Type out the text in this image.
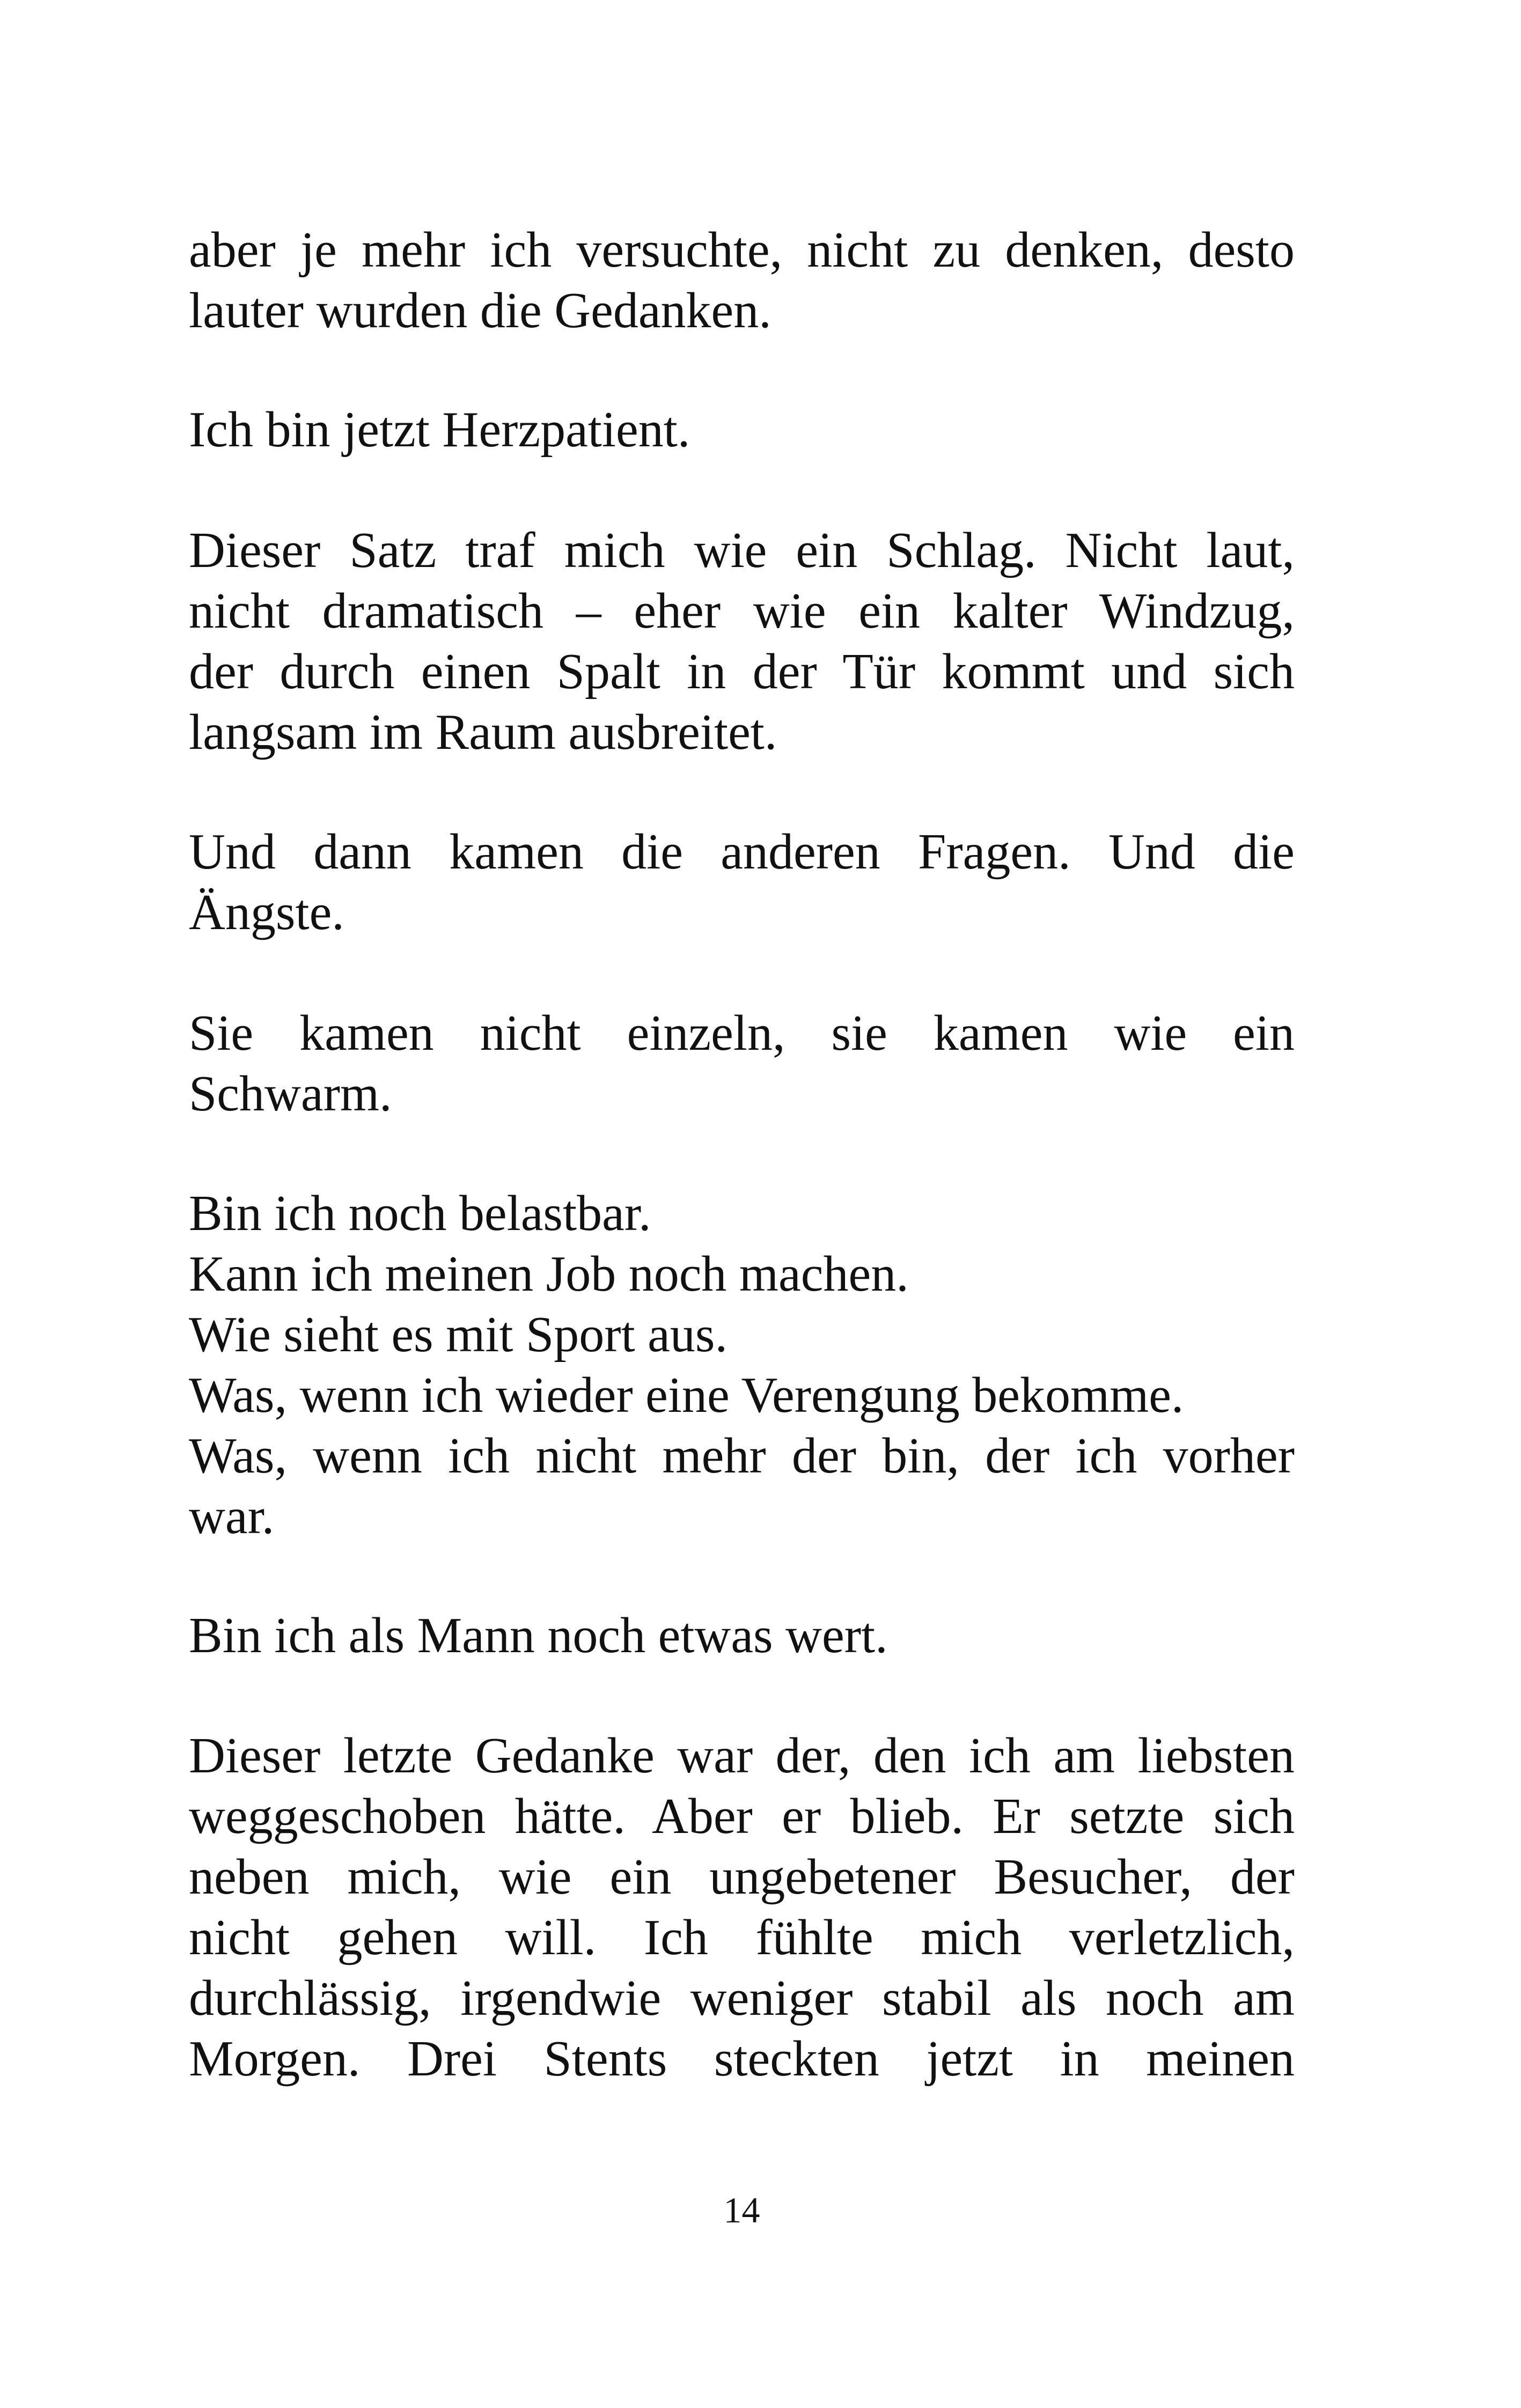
aber je mehr ich versuchte, nicht zu denken, desto
lauter wurden die Gedanken.
Ich bin jetzt Herzpatient.
Dieser Satz traf mich wie ein Schlag. Nicht laut,
nicht dramatisch – eher wie ein kalter Windzug,
der durch einen Spalt in der Tür kommt und sich
langsam im Raum ausbreitet.
Und dann kamen die anderen Fragen. Und die
Ängste.
Sie kamen nicht einzeln, sie kamen wie ein
Schwarm.
Bin ich noch belastbar.
Kann ich meinen Job noch machen.
Wie sieht es mit Sport aus.
Was, wenn ich wieder eine Verengung bekomme.
Was, wenn ich nicht mehr der bin, der ich vorher
war.
Bin ich als Mann noch etwas wert.
Dieser letzte Gedanke war der, den ich am liebsten
weggeschoben hätte. Aber er blieb. Er setzte sich
neben mich, wie ein ungebetener Besucher, der
nicht gehen will. Ich fühlte mich verletzlich,
durchlässig, irgendwie weniger stabil als noch am
Morgen. Drei Stents steckten jetzt in meinen
14
